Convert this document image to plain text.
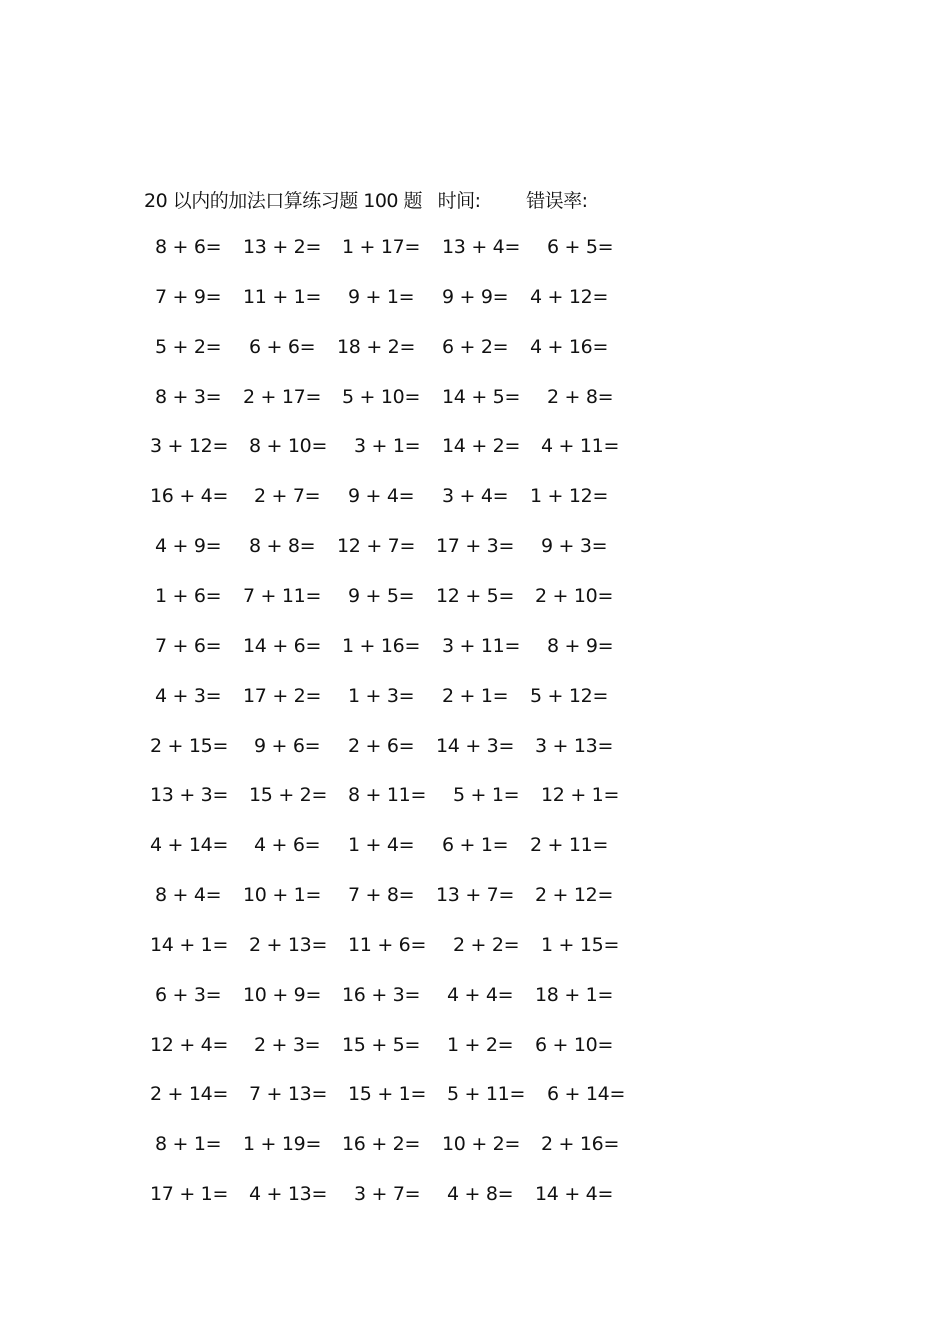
20 以内的加法口算练习题 100 题 时间: 错误率:
8 + 6= 13 + 2= 1 + 17= 13 + 4= 6 + 5=
7 + 9= 11 + 1= 9 + 1= 9 + 9= 4 + 12=
5 + 2= 6 + 6= 18 + 2= 6 + 2= 4 + 16=
8 + 3= 2 + 17= 5 + 10= 14 + 5= 2 + 8=
3 + 12= 8 + 10= 3 + 1= 14 + 2= 4 + 11=
16 + 4= 2 + 7= 9 + 4= 3 + 4= 1 + 12=
4 + 9= 8 + 8= 12 + 7= 17 + 3= 9 + 3=
1 + 6= 7 + 11= 9 + 5= 12 + 5= 2 + 10=
7 + 6= 14 + 6= 1 + 16= 3 + 11= 8 + 9=
4 + 3= 17 + 2= 1 + 3= 2 + 1= 5 + 12=
2 + 15= 9 + 6= 2 + 6= 14 + 3= 3 + 13=
13 + 3= 15 + 2= 8 + 11= 5 + 1= 12 + 1=
4 + 14= 4 + 6= 1 + 4= 6 + 1= 2 + 11=
8 + 4= 10 + 1= 7 + 8= 13 + 7= 2 + 12=
14 + 1= 2 + 13= 11 + 6= 2 + 2= 1 + 15=
6 + 3= 10 + 9= 16 + 3= 4 + 4= 18 + 1=
12 + 4= 2 + 3= 15 + 5= 1 + 2= 6 + 10=
2 + 14= 7 + 13= 15 + 1= 5 + 11= 6 + 14=
8 + 1= 1 + 19= 16 + 2= 10 + 2= 2 + 16=
17 + 1= 4 + 13= 3 + 7= 4 + 8= 14 + 4=
